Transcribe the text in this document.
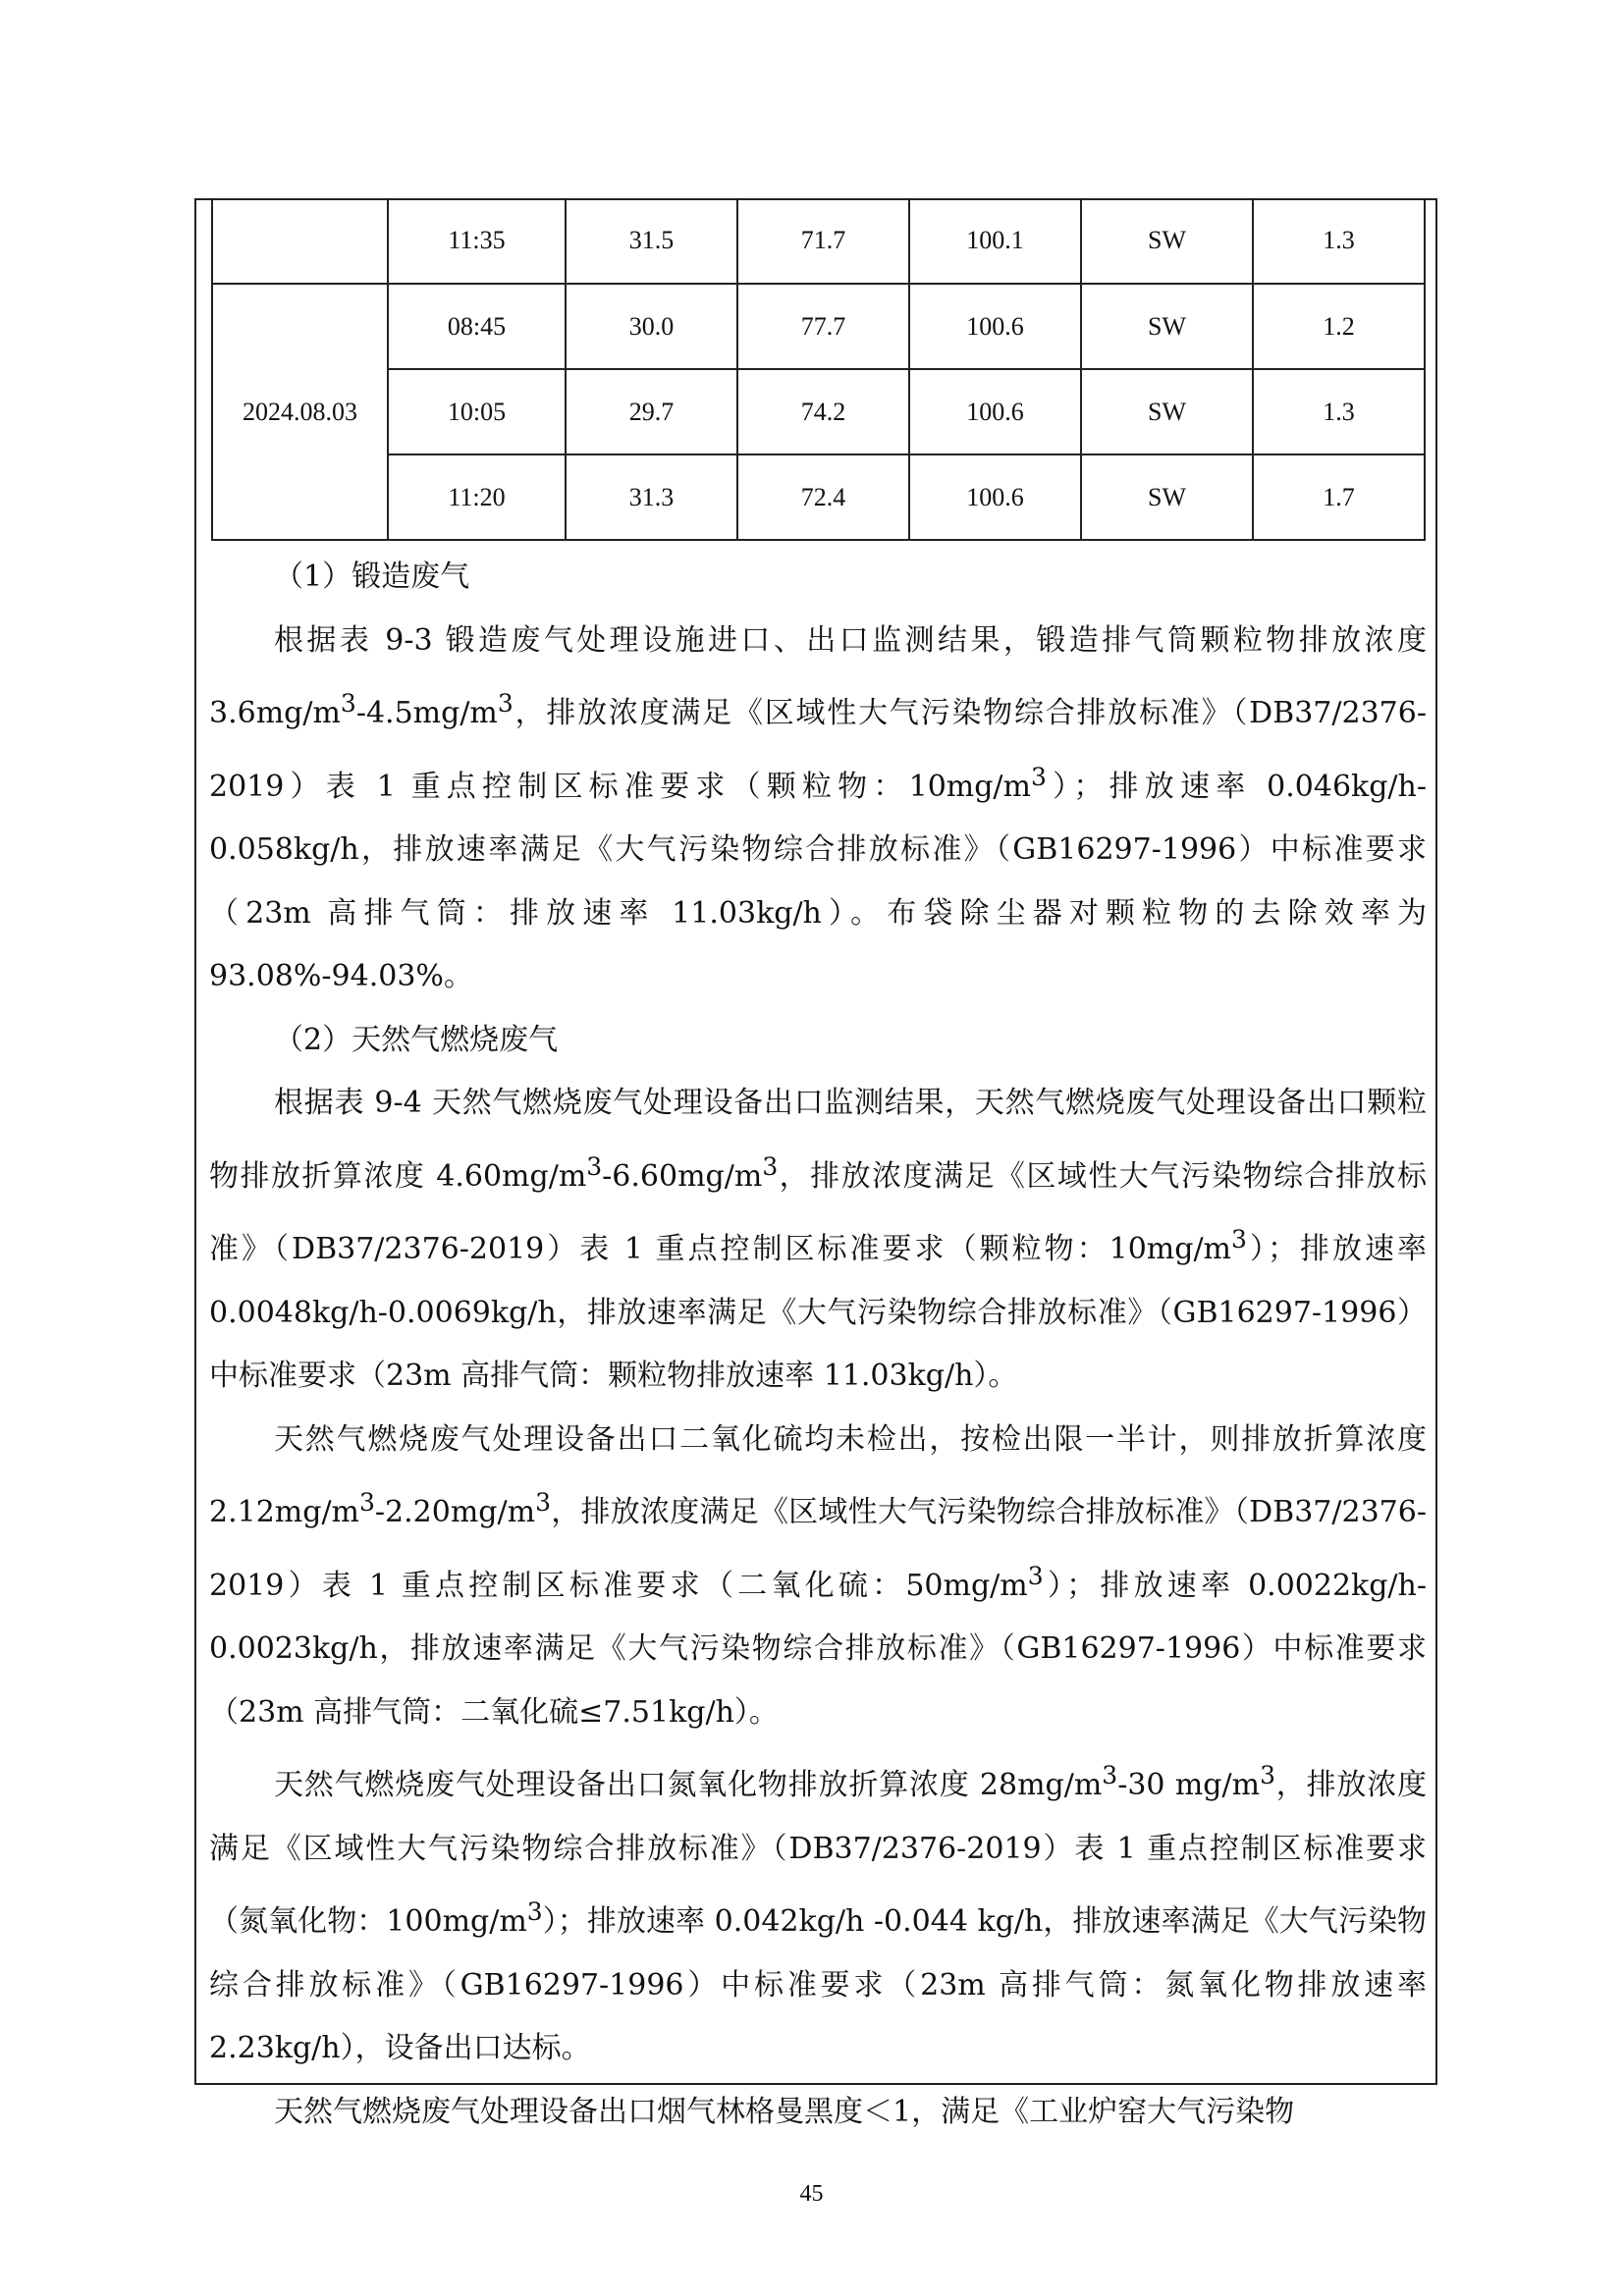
	11:35	31.5	71.7	100.1	SW	1.3
2024.08.03	08:45	30.0	77.7	100.6	SW	1.2
	10:05	29.7	74.2	100.6	SW	1.3
	11:20	31.3	72.4	100.6	SW	1.7

（1）锻造废气

根据表 9-3 锻造废气处理设施进口、出口监测结果，锻造排气筒颗粒物排放浓度 $3.6mg/m^3-4.5mg/m^3$，排放浓度满足《区域性大气污染物综合排放标准》（DB37/2376-2019）表 1 重点控制区标准要求（颗粒物：$10mg/m^3$）；排放速率 0.046kg/h-0.058kg/h，排放速率满足《大气污染物综合排放标准》（GB16297-1996）中标准要求（23m 高排气筒：排放速率 11.03kg/h）。布袋除尘器对颗粒物的去除效率为 93.08%-94.03%。

（2）天然气燃烧废气

根据表 9-4 天然气燃烧废气处理设备出口监测结果，天然气燃烧废气处理设备出口颗粒物排放折算浓度 $4.60mg/m^3-6.60mg/m^3$，排放浓度满足《区域性大气污染物综合排放标准》（DB37/2376-2019）表 1 重点控制区标准要求（颗粒物：$10mg/m^3$）；排放速率 0.0048kg/h-0.0069kg/h，排放速率满足《大气污染物综合排放标准》（GB16297-1996）中标准要求（23m 高排气筒：颗粒物排放速率 11.03kg/h）。

天然气燃烧废气处理设备出口二氧化硫均未检出，按检出限一半计，则排放折算浓度 $2.12mg/m^3-2.20mg/m^3$，排放浓度满足《区域性大气污染物综合排放标准》（DB37/2376-2019）表 1 重点控制区标准要求（二氧化硫：$50mg/m^3$）；排放速率 0.0022kg/h-0.0023kg/h，排放速率满足《大气污染物综合排放标准》（GB16297-1996）中标准要求（23m 高排气筒：二氧化硫≤7.51kg/h）。

天然气燃烧废气处理设备出口氮氧化物排放折算浓度 $28mg/m^3-30$ $mg/m^3$，排放浓度满足《区域性大气污染物综合排放标准》（DB37/2376-2019）表 1 重点控制区标准要求（氮氧化物：$100mg/m^3$）；排放速率 0.042kg/h -0.044 kg/h，排放速率满足《大气污染物综合排放标准》（GB16297-1996）中标准要求（23m 高排气筒：氮氧化物排放速率 2.23kg/h），设备出口达标。

天然气燃烧废气处理设备出口烟气林格曼黑度＜1，满足《工业炉窑大气污染物

45
